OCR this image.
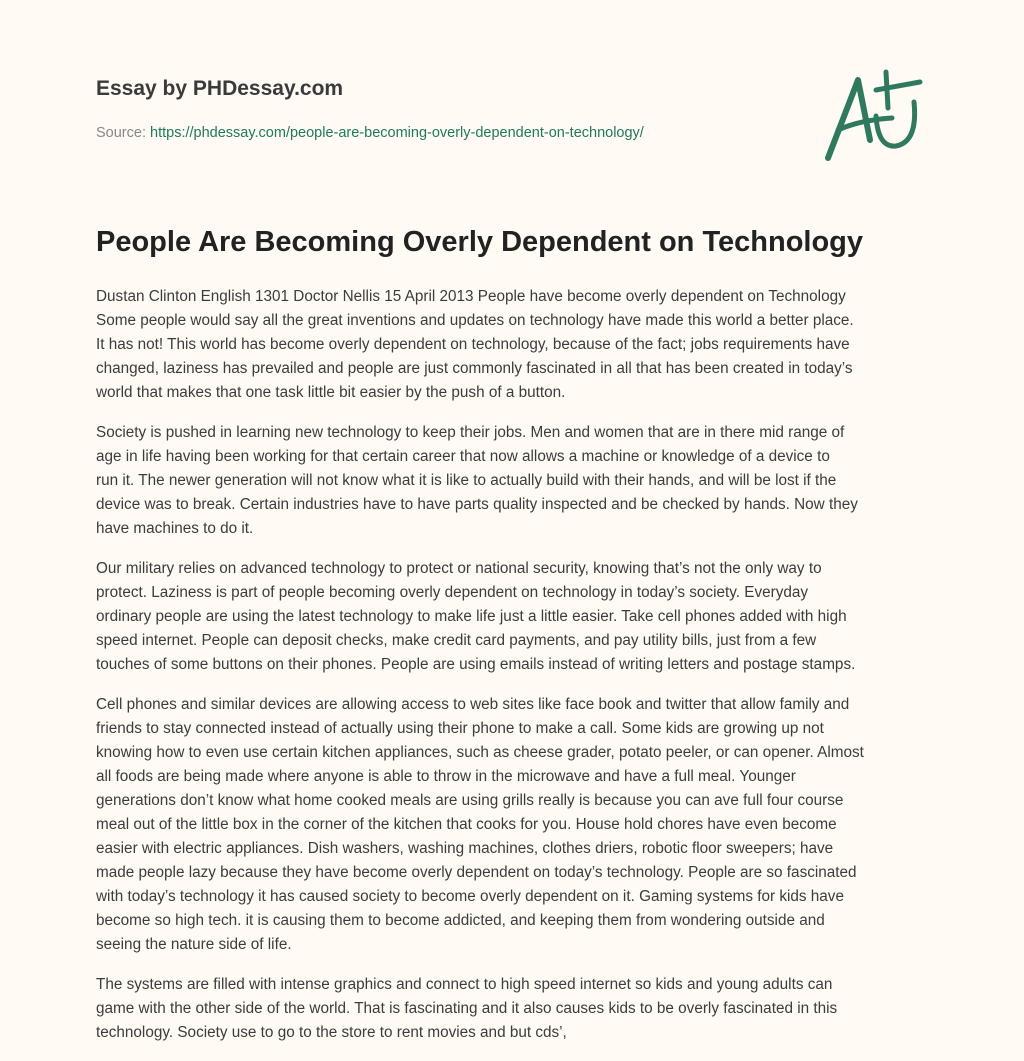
Essay by PHDessay.com
Source: https://phdessay.com/people-are-becoming-overly-dependent-on-technology/
People Are Becoming Overly Dependent on Technology

Dustan Clinton English 1301 Doctor Nellis 15 April 2013 People have become overly dependent on Technology
Some people would say all the great inventions and updates on technology have made this world a better place.
It has not! This world has become overly dependent on technology, because of the fact; jobs requirements have
changed, laziness has prevailed and people are just commonly fascinated in all that has been created in today’s
world that makes that one task little bit easier by the push of a button.

Society is pushed in learning new technology to keep their jobs. Men and women that are in there mid range of
age in life having been working for that certain career that now allows a machine or knowledge of a device to
run it. The newer generation will not know what it is like to actually build with their hands, and will be lost if the
device was to break. Certain industries have to have parts quality inspected and be checked by hands. Now they
have machines to do it.

Our military relies on advanced technology to protect or national security, knowing that’s not the only way to
protect. Laziness is part of people becoming overly dependent on technology in today’s society. Everyday
ordinary people are using the latest technology to make life just a little easier. Take cell phones added with high
speed internet. People can deposit checks, make credit card payments, and pay utility bills, just from a few
touches of some buttons on their phones. People are using emails instead of writing letters and postage stamps.

Cell phones and similar devices are allowing access to web sites like face book and twitter that allow family and
friends to stay connected instead of actually using their phone to make a call. Some kids are growing up not
knowing how to even use certain kitchen appliances, such as cheese grader, potato peeler, or can opener. Almost
all foods are being made where anyone is able to throw in the microwave and have a full meal. Younger
generations don’t know what home cooked meals are using grills really is because you can ave full four course
meal out of the little box in the corner of the kitchen that cooks for you. House hold chores have even become
easier with electric appliances. Dish washers, washing machines, clothes driers, robotic floor sweepers; have
made people lazy because they have become overly dependent on today’s technology. People are so fascinated
with today’s technology it has caused society to become overly dependent on it. Gaming systems for kids have
become so high tech. it is causing them to become addicted, and keeping them from wondering outside and
seeing the nature side of life.

The systems are filled with intense graphics and connect to high speed internet so kids and young adults can
game with the other side of the world. That is fascinating and it also causes kids to be overly fascinated in this
technology. Society use to go to the store to rent movies and but cds’,
